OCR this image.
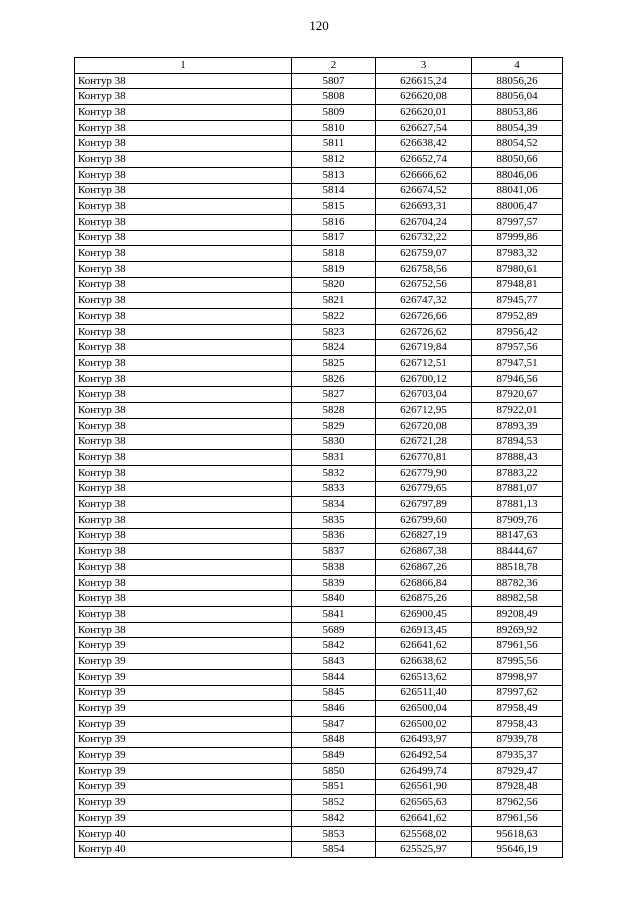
120
1	2	3	4
Контур 38	5807	626615,24	88056,26
Контур 38	5808	626620,08	88056,04
Контур 38	5809	626620,01	88053,86
Контур 38	5810	626627,54	88054,39
Контур 38	5811	626638,42	88054,52
Контур 38	5812	626652,74	88050,66
Контур 38	5813	626666,62	88046,06
Контур 38	5814	626674,52	88041,06
Контур 38	5815	626693,31	88006,47
Контур 38	5816	626704,24	87997,57
Контур 38	5817	626732,22	87999,86
Контур 38	5818	626759,07	87983,32
Контур 38	5819	626758,56	87980,61
Контур 38	5820	626752,56	87948,81
Контур 38	5821	626747,32	87945,77
Контур 38	5822	626726,66	87952,89
Контур 38	5823	626726,62	87956,42
Контур 38	5824	626719,84	87957,56
Контур 38	5825	626712,51	87947,51
Контур 38	5826	626700,12	87946,56
Контур 38	5827	626703,04	87920,67
Контур 38	5828	626712,95	87922,01
Контур 38	5829	626720,08	87893,39
Контур 38	5830	626721,28	87894,53
Контур 38	5831	626770,81	87888,43
Контур 38	5832	626779,90	87883,22
Контур 38	5833	626779,65	87881,07
Контур 38	5834	626797,89	87881,13
Контур 38	5835	626799,60	87909,76
Контур 38	5836	626827,19	88147,63
Контур 38	5837	626867,38	88444,67
Контур 38	5838	626867,26	88518,78
Контур 38	5839	626866,84	88782,36
Контур 38	5840	626875,26	88982,58
Контур 38	5841	626900,45	89208,49
Контур 38	5689	626913,45	89269,92
Контур 39	5842	626641,62	87961,56
Контур 39	5843	626638,62	87995,56
Контур 39	5844	626513,62	87998,97
Контур 39	5845	626511,40	87997,62
Контур 39	5846	626500,04	87958,49
Контур 39	5847	626500,02	87958,43
Контур 39	5848	626493,97	87939,78
Контур 39	5849	626492,54	87935,37
Контур 39	5850	626499,74	87929,47
Контур 39	5851	626561,90	87928,48
Контур 39	5852	626565,63	87962,56
Контур 39	5842	626641,62	87961,56
Контур 40	5853	625568,02	95618,63
Контур 40	5854	625525,97	95646,19
